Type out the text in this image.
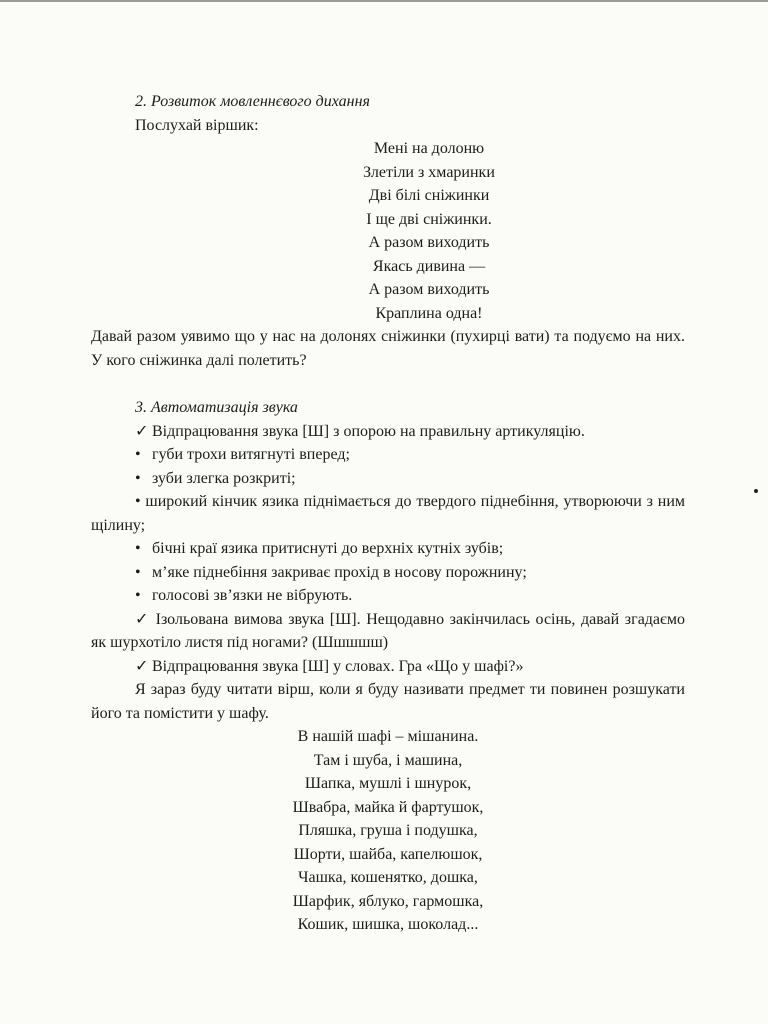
2. Розвиток мовленнєвого дихання
Послухай віршик:
Мені на долоню
Злетіли з хмаринки
Дві білі сніжинки
І ще дві сніжинки.
А разом виходить
Якась дивина —
А разом виходить
Краплина одна!
Давай разом уявимо що у нас на долонях сніжинки (пухирці вати) та подуємо на них. У кого сніжинка далі полетить?
3. Автоматизація звука
✓ Відпрацювання звука [Ш] з опорою на правильну артикуляцію.
• губи трохи витягнуті вперед;
• зуби злегка розкриті;
• широкий кінчик язика піднімається до твердого піднебіння, утворюючи з ним щілину;
• бічні краї язика притиснуті до верхніх кутніх зубів;
• м’яке піднебіння закриває прохід в носову порожнину;
• голосові зв’язки не вібрують.
✓ Ізольована вимова звука [Ш]. Нещодавно закінчилась осінь, давай згадаємо як шурхотіло листя під ногами? (Шшшшш)
✓ Відпрацювання звука [Ш] у словах. Гра «Що у шафі?»
Я зараз буду читати вірш, коли я буду називати предмет ти повинен розшукати його та помістити у шафу.
В нашій шафі – мішанина.
Там і шуба, і машина,
Шапка, мушлі і шнурок,
Швабра, майка й фартушок,
Пляшка, груша і подушка,
Шорти, шайба, капелюшок,
Чашка, кошенятко, дошка,
Шарфик, яблуко, гармошка,
Кошик, шишка, шоколад...
